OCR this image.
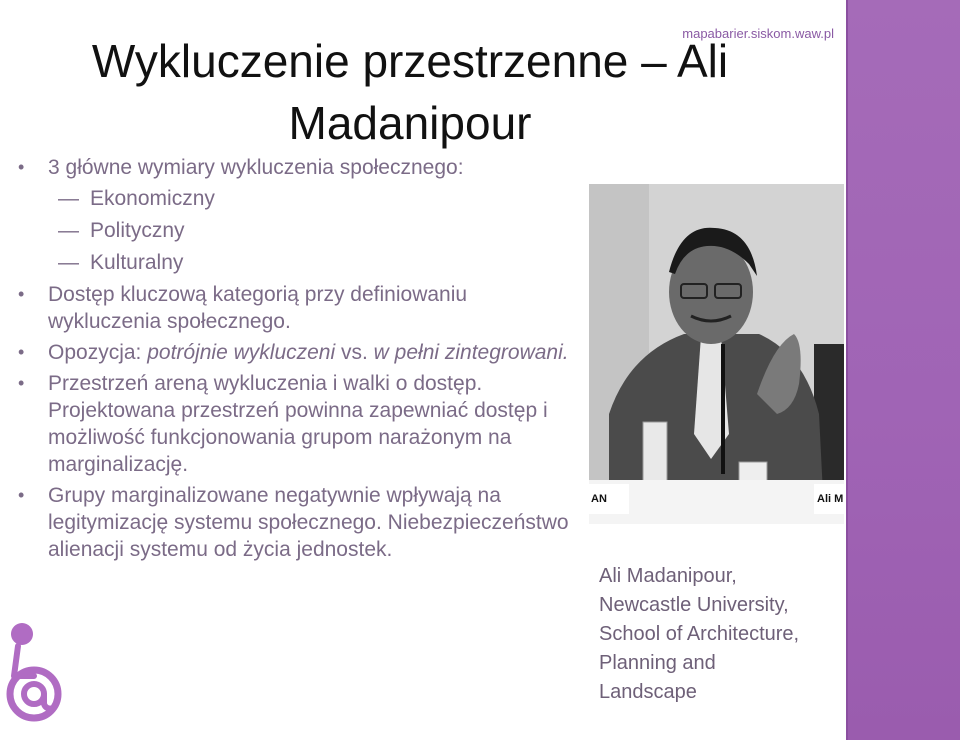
mapabarier.siskom.waw.pl
Wykluczenie przestrzenne – Ali Madanipour
• 3 główne wymiary wykluczenia społecznego:
— Ekonomiczny
— Polityczny
— Kulturalny
• Dostęp kluczową kategorią przy definiowaniu wykluczenia społecznego.
• Opozycja: potrójnie wykluczeni vs. w pełni zintegrowani.
• Przestrzeń areną wykluczenia i walki o dostęp. Projektowana przestrzeń powinna zapewniać dostęp i możliwość funkcjonowania grupom narażonym na marginalizację.
• Grupy marginalizowane negatywnie wpływają na legitymizację systemu społecznego. Niebezpieczeństwo alienacji systemu od życia jednostek.
AN	Ali M
Ali Madanipour,
Newcastle University,
School of Architecture,
Planning and
Landscape
